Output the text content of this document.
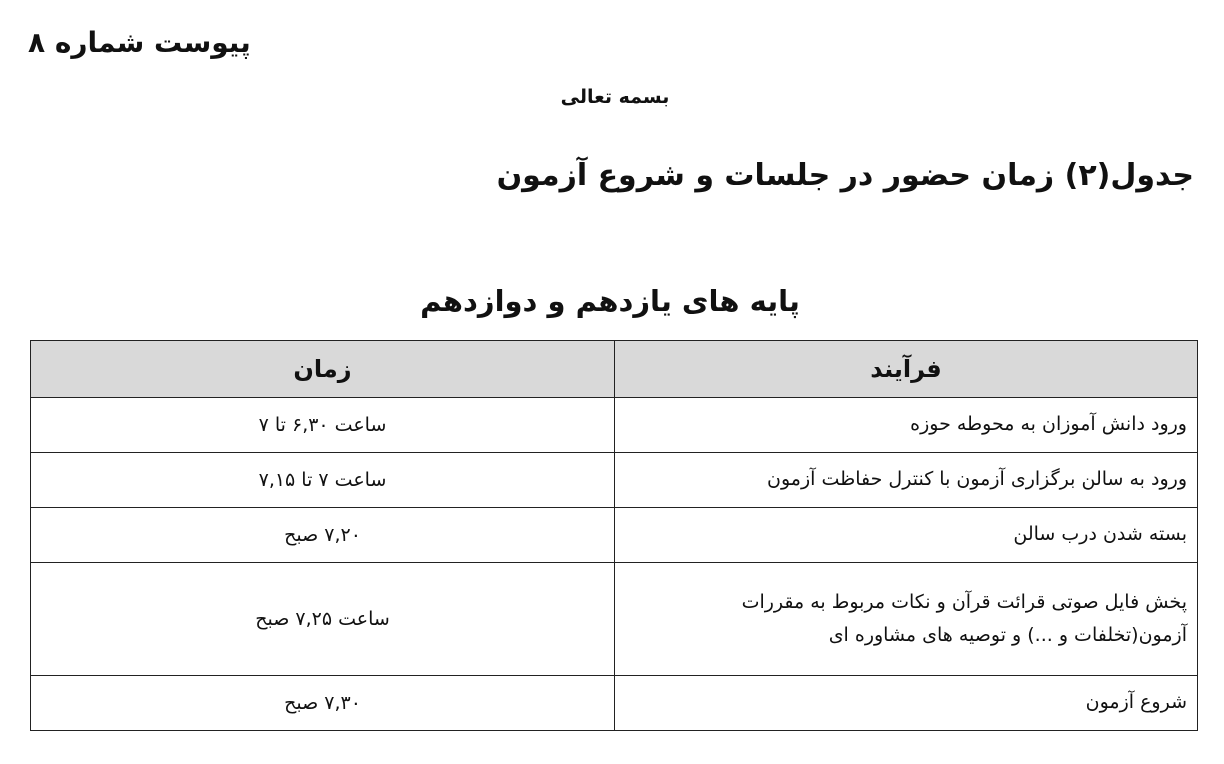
پیوست شماره ۸
بسمه تعالی
جدول(۲) زمان حضور در جلسات و شروع آزمون
پایه های یازدهم و دوازدهم
فرآیند	زمان
ورود دانش آموزان به محوطه حوزه	ساعت ۶,۳۰ تا ۷
ورود به سالن برگزاری آزمون با کنترل حفاظت آزمون	ساعت ۷ تا ۷,۱۵
بسته شدن درب سالن	۷,۲۰ صبح
پخش فایل صوتی قرائت قرآن و نکات مربوط به مقررات آزمون(تخلفات و ...) و توصیه های مشاوره ای	ساعت ۷,۲۵ صبح
شروع آزمون	۷,۳۰ صبح
